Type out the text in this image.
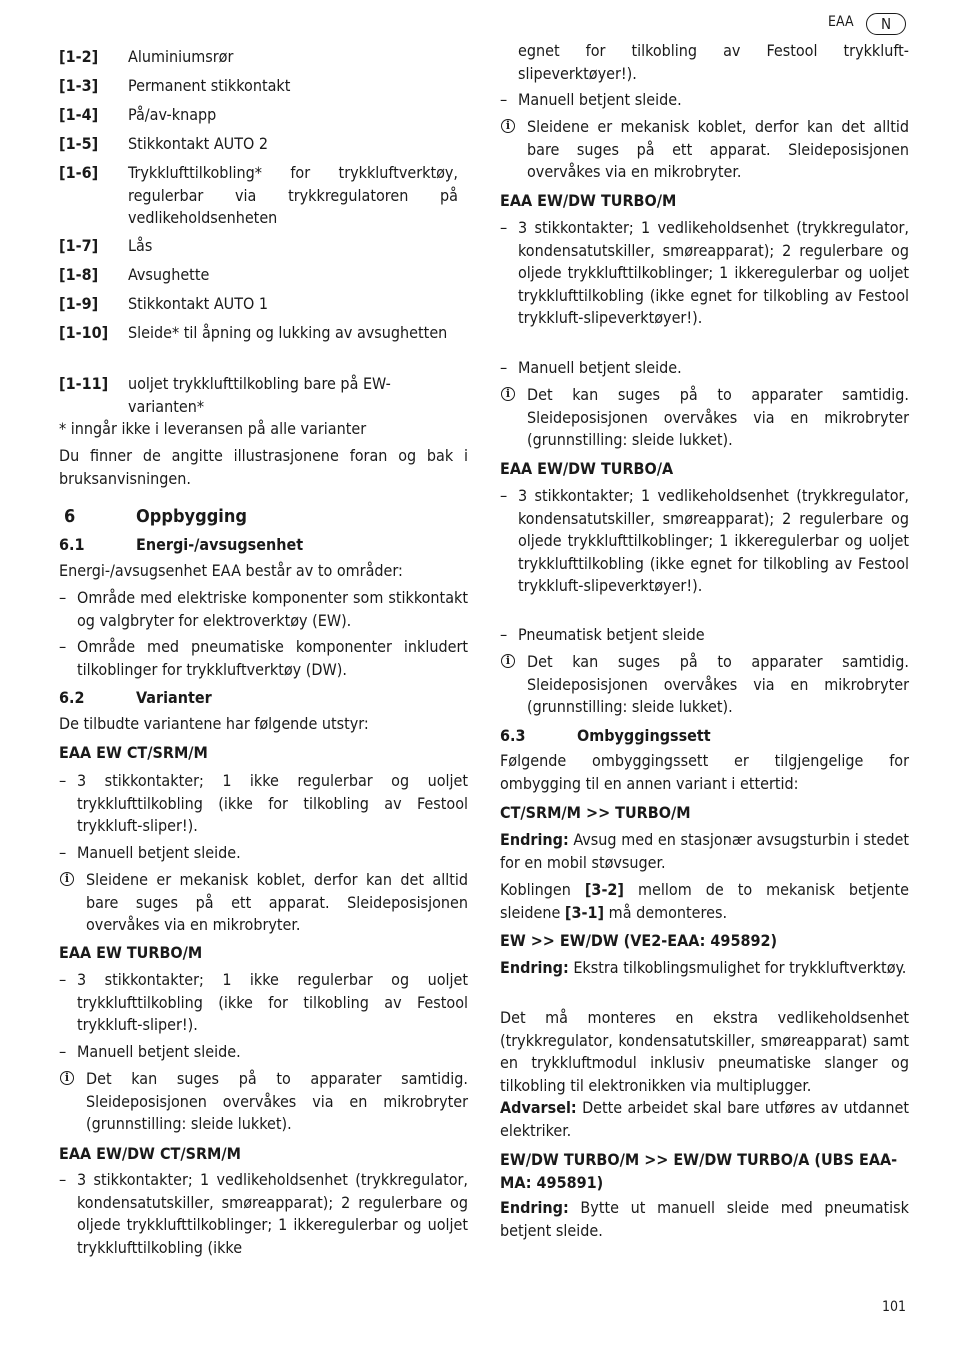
EAA	N
[1-2] Aluminiumsrør

[1-3] Permanent stikkontakt

[1-4] På/av-knapp

[1-5] Stikkontakt AUTO 2

[1-6] Trykklufttilkobling* for trykkluftverktøy, regulerbar via trykkregulatoren på vedlikeholdsenheten

[1-7] Lås

[1-8] Avsughette

[1-9] Stikkontakt AUTO 1

[1-10] Sleide* til åpning og lukking av avsughetten

[1-11] uoljet trykklufttilkobling bare på EW-varianten*

* inngår ikke i leveransen på alle varianter

Du finner de angitte illustrasjonene foran og bak i bruksanvisningen.

6	Oppbygging
6.1	Energi-/avsugsenhet

Energi-/avsugsenhet EAA består av to områder:

– Område med elektriske komponenter som stikkontakt og valgbryter for elektroverktøy (EW).

– Område med pneumatiske komponenter inkludert tilkoblinger for trykkluftverktøy (DW).

6.2	Varianter

De tilbudte variantene har følgende utstyr:

EAA EW CT/SRM/M

– 3 stikkontakter; 1 ikke regulerbar og uoljet trykklufttilkobling (ikke for tilkobling av Festool trykkluft-sliper!).

– Manuell betjent sleide.

i	Sleidene er mekanisk koblet, derfor kan det alltid bare suges på ett apparat. Sleideposisjonen overvåkes via en mikrobryter.

EAA EW TURBO/M

– 3 stikkontakter; 1 ikke regulerbar og uoljet trykklufttilkobling (ikke for tilkobling av Festool trykkluft-sliper!).

– Manuell betjent sleide.

i	Det kan suges på to apparater samtidig. Sleideposisjonen overvåkes via en mikrobryter (grunnstilling: sleide lukket).

EAA EW/DW CT/SRM/M

– 3 stikkontakter; 1 vedlikeholdsenhet (trykkregulator, kondensatutskiller, smøreapparat); 2 regulerbare og oljede trykklufttilkoblinger; 1 ikkeregulerbar og uoljet trykklufttilkobling (ikke

egnet for tilkobling av Festool trykkluft-slipeverktøyer!).

– Manuell betjent sleide.

i	Sleidene er mekanisk koblet, derfor kan det alltid bare suges på ett apparat. Sleideposisjonen overvåkes via en mikrobryter.

EAA EW/DW TURBO/M

– 3 stikkontakter; 1 vedlikeholdsenhet (trykkregulator, kondensatutskiller, smøreapparat); 2 regulerbare og oljede trykklufttilkoblinger; 1 ikkeregulerbar og uoljet trykklufttilkobling (ikke egnet for tilkobling av Festool trykkluft-slipeverktøyer!).

– Manuell betjent sleide.

i	Det kan suges på to apparater samtidig. Sleideposisjonen overvåkes via en mikrobryter (grunnstilling: sleide lukket).

EAA EW/DW TURBO/A

– 3 stikkontakter; 1 vedlikeholdsenhet (trykkregulator, kondensatutskiller, smøreapparat); 2 regulerbare og oljede trykklufttilkoblinger; 1 ikkeregulerbar og uoljet trykklufttilkobling (ikke egnet for tilkobling av Festool trykkluft-slipeverktøyer!).

– Pneumatisk betjent sleide

i	Det kan suges på to apparater samtidig. Sleideposisjonen overvåkes via en mikrobryter (grunnstilling: sleide lukket).

6.3	Ombyggingssett

Følgende ombyggingssett er tilgjengelige for ombygging til en annen variant i ettertid:

CT/SRM/M >> TURBO/M

Endring: Avsug med en stasjonær avsugsturbin i stedet for en mobil støvsuger.

Koblingen [3-2] mellom de to mekanisk betjente sleidene [3-1] må demonteres.

EW >> EW/DW (VE2-EAA: 495892)

Endring: Ekstra tilkoblingsmulighet for trykkluftverktøy.

Det må monteres en ekstra vedlikeholdsenhet (trykkregulator, kondensatutskiller, smøreapparat) samt en trykkluftmodul inklusiv pneumatiske slanger og tilkobling til elektronikken via multiplugger.

Advarsel: Dette arbeidet skal bare utføres av utdannet elektriker.

EW/DW TURBO/M >> EW/DW TURBO/A (UBS EAA-MA: 495891)

Endring: Bytte ut manuell sleide med pneumatisk betjent sleide.

101
